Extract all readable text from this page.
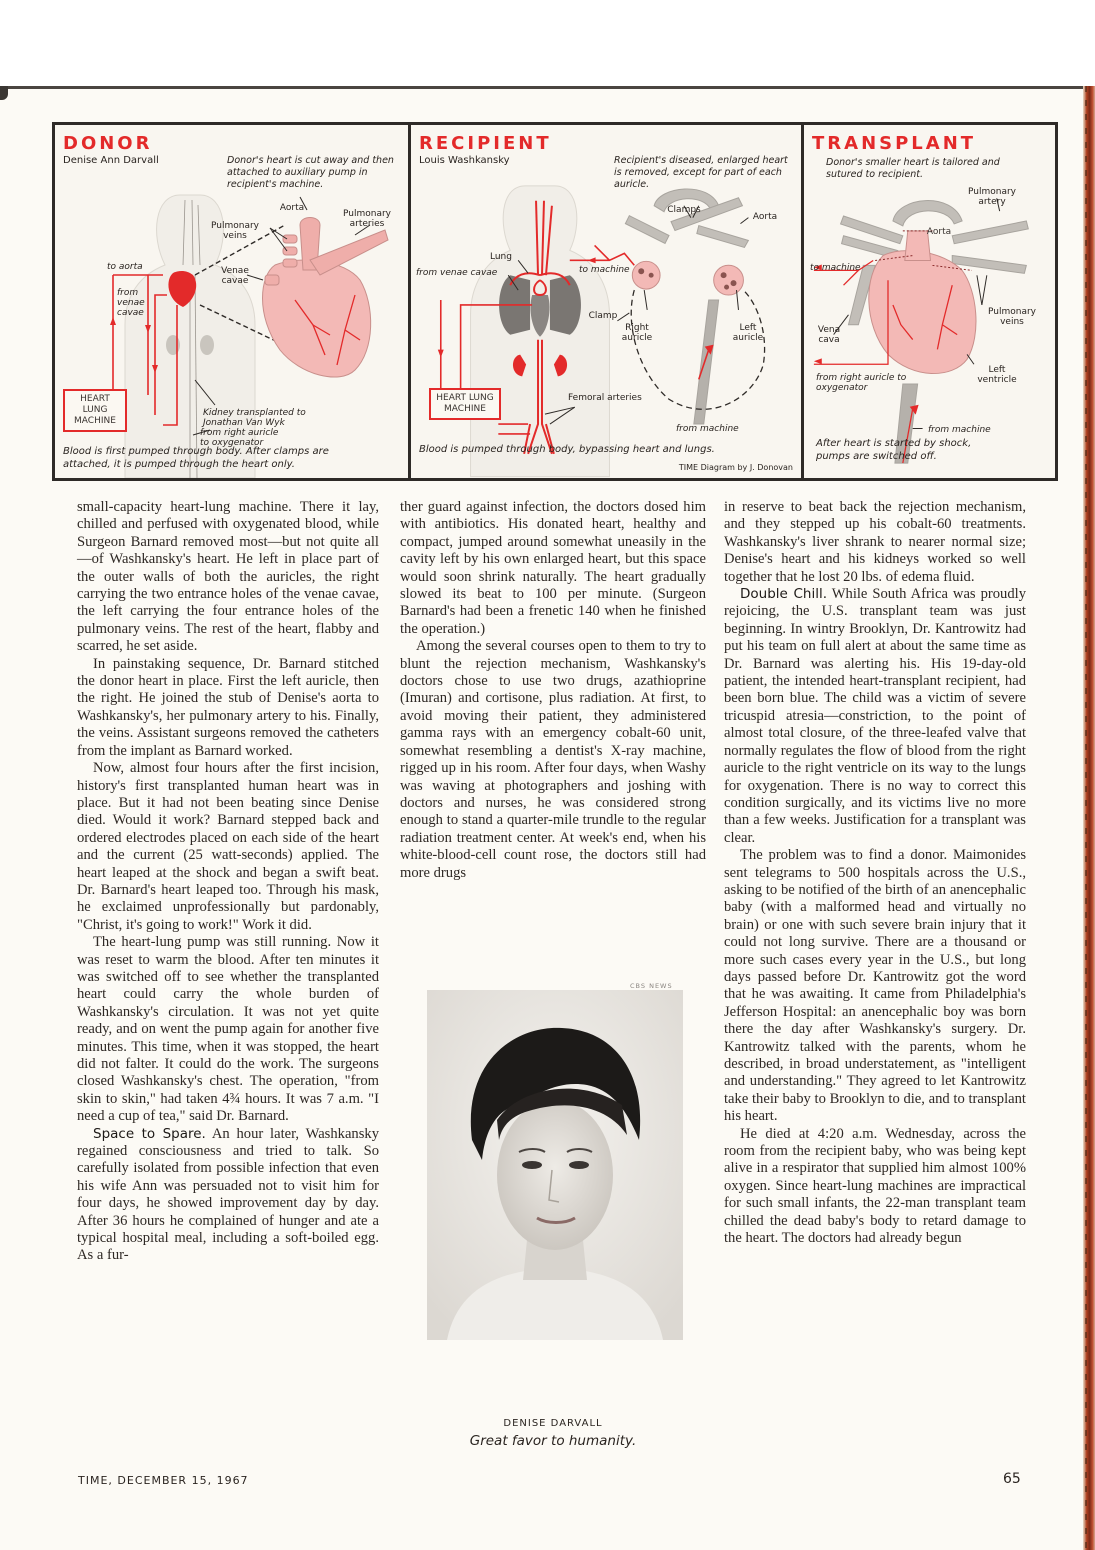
DONOR
Denise Ann Darvall	Donor's heart is cut away and then attached to auxiliary pump in recipient's machine.
Aorta
Pulmonary arteries
Pulmonary veins
Venae cavae
to aorta
from venae cavae
Kidney transplanted to Jonathan Van Wyk
from right auricle to oxygenator
HEART LUNG MACHINE
Blood is first pumped through body. After clamps are attached, it is pumped through the heart only.
RECIPIENT
Louis Washkansky	Recipient's diseased, enlarged heart is removed, except for part of each auricle.
Clamps
Aorta
Lung
from venae cavae	to machine
Clamp
Right auricle
Left auricle
Femoral arteries
from machine
HEART LUNG MACHINE
Blood is pumped through body, bypassing heart and lungs.
TIME Diagram by J. Donovan
TRANSPLANT
Donor's smaller heart is tailored and sutured to recipient.
Pulmonary artery
Aorta
to machine
Vena cava
Pulmonary veins
from right auricle to oxygenator
Left ventricle
from machine
After heart is started by shock, pumps are switched off.

small-capacity heart-lung machine. There it lay, chilled and perfused with oxygenated blood, while Surgeon Barnard removed most—but not quite all—of Washkansky's heart. He left in place part of the outer walls of both the auricles, the right carrying the two entrance holes of the venae cavae, the left carrying the four entrance holes of the pulmonary veins. The rest of the heart, flabby and scarred, he set aside.

In painstaking sequence, Dr. Barnard stitched the donor heart in place. First the left auricle, then the right. He joined the stub of Denise's aorta to Washkansky's, her pulmonary artery to his. Finally, the veins. Assistant surgeons removed the catheters from the implant as Barnard worked.

Now, almost four hours after the first incision, history's first transplanted human heart was in place. But it had not been beating since Denise died. Would it work? Barnard stepped back and ordered electrodes placed on each side of the heart and the current (25 watt-seconds) applied. The heart leaped at the shock and began a swift beat. Dr. Barnard's heart leaped too. Through his mask, he exclaimed unprofessionally but pardonably, "Christ, it's going to work!" Work it did.

The heart-lung pump was still running. Now it was reset to warm the blood. After ten minutes it was switched off to see whether the transplanted heart could carry the whole burden of Washkansky's circulation. It was not yet quite ready, and on went the pump again for another five minutes. This time, when it was stopped, the heart did not falter. It could do the work. The surgeons closed Washkansky's chest. The operation, "from skin to skin," had taken 4¾ hours. It was 7 a.m. "I need a cup of tea," said Dr. Barnard.

Space to Spare. An hour later, Washkansky regained consciousness and tried to talk. So carefully isolated from possible infection that even his wife Ann was persuaded not to visit him for four days, he showed improvement day by day. After 36 hours he complained of hunger and ate a typical hospital meal, including a soft-boiled egg. As a fur-

ther guard against infection, the doctors dosed him with antibiotics. His donated heart, healthy and compact, jumped around somewhat uneasily in the cavity left by his own enlarged heart, but this space would soon shrink naturally. The heart gradually slowed its beat to 100 per minute. (Surgeon Barnard's had been a frenetic 140 when he finished the operation.)

Among the several courses open to them to try to blunt the rejection mechanism, Washkansky's doctors chose to use two drugs, azathioprine (Imuran) and cortisone, plus radiation. At first, to avoid moving their patient, they administered gamma rays with an emergency cobalt-60 unit, somewhat resembling a dentist's X-ray machine, rigged up in his room. After four days, when Washy was waving at photographers and joshing with doctors and nurses, he was considered strong enough to stand a quarter-mile trundle to the regular radiation treatment center. At week's end, when his white-blood-cell count rose, the doctors still had more drugs

in reserve to beat back the rejection mechanism, and they stepped up his cobalt-60 treatments. Washkansky's liver shrank to nearer normal size; Denise's heart and his kidneys worked so well together that he lost 20 lbs. of edema fluid.

Double Chill. While South Africa was proudly rejoicing, the U.S. transplant team was just beginning. In wintry Brooklyn, Dr. Kantrowitz had put his team on full alert at about the same time as Dr. Barnard was alerting his. His 19-day-old patient, the intended heart-transplant recipient, had been born blue. The child was a victim of severe tricuspid atresia—constriction, to the point of almost total closure, of the three-leafed valve that normally regulates the flow of blood from the right auricle to the right ventricle on its way to the lungs for oxygenation. There is no way to correct this condition surgically, and its victims live no more than a few weeks. Justification for a transplant was clear.

The problem was to find a donor. Maimonides sent telegrams to 500 hospitals across the U.S., asking to be notified of the birth of an anencephalic baby (with a malformed head and virtually no brain) or one with such severe brain injury that it could not long survive. There are a thousand or more such cases every year in the U.S., but long days passed before Dr. Kantrowitz got the word that he was awaiting. It came from Philadelphia's Jefferson Hospital: an anencephalic boy was born there the day after Washkansky's surgery. Dr. Kantrowitz talked with the parents, whom he described, in broad understatement, as "intelligent and understanding." They agreed to let Kantrowitz take their baby to Brooklyn to die, and to transplant his heart.

He died at 4:20 a.m. Wednesday, across the room from the recipient baby, who was being kept alive in a respirator that supplied him almost 100% oxygen. Since heart-lung machines are impractical for such small infants, the 22-man transplant team chilled the dead baby's body to retard damage to the heart. The doctors had already begun

CBS NEWS
DENISE DARVALL
Great favor to humanity.
TIME, DECEMBER 15, 1967	65
